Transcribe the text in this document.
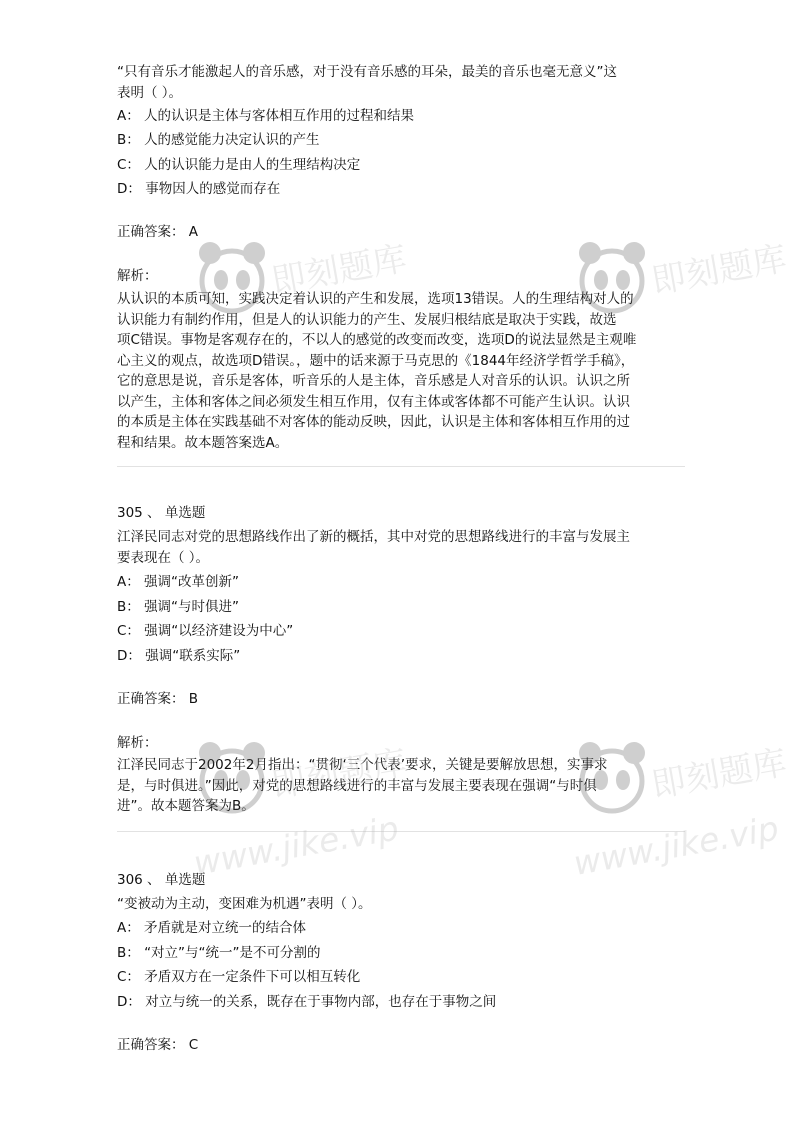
“只有音乐才能激起人的音乐感，对于没有音乐感的耳朵，最美的音乐也毫无意义”这
表明（ ）。
A： 人的认识是主体与客体相互作用的过程和结果
B： 人的感觉能力决定认识的产生
C： 人的认识能力是由人的生理结构决定
D： 事物因人的感觉而存在
正确答案： A
解析：
从认识的本质可知，实践决定着认识的产生和发展，选项13错误。人的生理结构对人的
认识能力有制约作用，但是人的认识能力的产生、发展归根结底是取决于实践，故选
项C错误。事物是客观存在的，不以人的感觉的改变而改变，选项D的说法显然是主观唯
心主义的观点，故选项D错误。，题中的话来源于马克思的《1844年经济学哲学手稿》，
它的意思是说，音乐是客体，听音乐的人是主体，音乐感是人对音乐的认识。认识之所
以产生，主体和客体之间必须发生相互作用，仅有主体或客体都不可能产生认识。认识
的本质是主体在实践基础不对客体的能动反映，因此，认识是主体和客体相互作用的过
程和结果。故本题答案选A。
305 、 单选题
江泽民同志对党的思想路线作出了新的概括，其中对党的思想路线进行的丰富与发展主
要表现在（ ）。
A： 强调“改革创新”
B： 强调“与时俱进”
C： 强调“以经济建设为中心”
D： 强调“联系实际”
正确答案： B
解析：
江泽民同志于2002年2月指出：“贯彻‘三个代表’要求，关键是要解放思想，实事求
是，与时俱进。”因此，对党的思想路线进行的丰富与发展主要表现在强调“与时俱
进”。故本题答案为B。
306 、 单选题
“变被动为主动，变困难为机遇”表明（ ）。
A： 矛盾就是对立统一的结合体
B： “对立”与“统一”是不可分割的
C： 矛盾双方在一定条件下可以相互转化
D： 对立与统一的关系，既存在于事物内部，也存在于事物之间
正确答案： C
即刻题库	即刻题库
即刻题库
www.jike.vip
即刻题库
www.jike.vip
